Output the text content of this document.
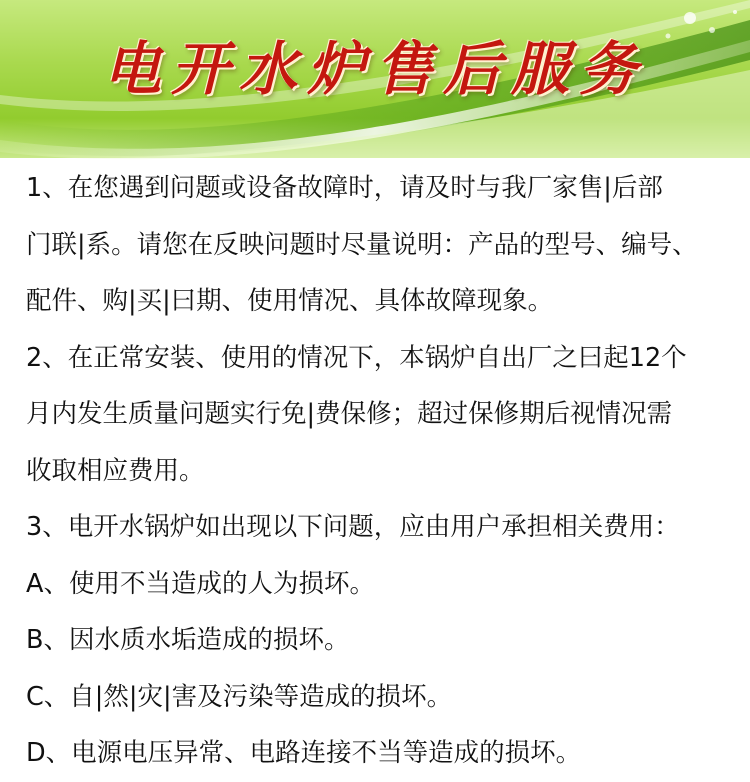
电开水炉售后服务
1、在您遇到问题或设备故障时，请及时与我厂家售|后部
门联|系。请您在反映问题时尽量说明：产品的型号、编号、
配件、购|买|曰期、使用情况、具体故障现象。
2、在正常安装、使用的情况下，本锅炉自出厂之曰起12个
月内发生质量问题实行免|费保修；超过保修期后视情况需
收取相应费用。
3、电开水锅炉如出现以下问题，应由用户承担相关费用：
A、使用不当造成的人为损坏。
B、因水质水垢造成的损坏。
C、自|然|灾|害及污染等造成的损坏。
D、电源电压异常、电路连接不当等造成的损坏。
